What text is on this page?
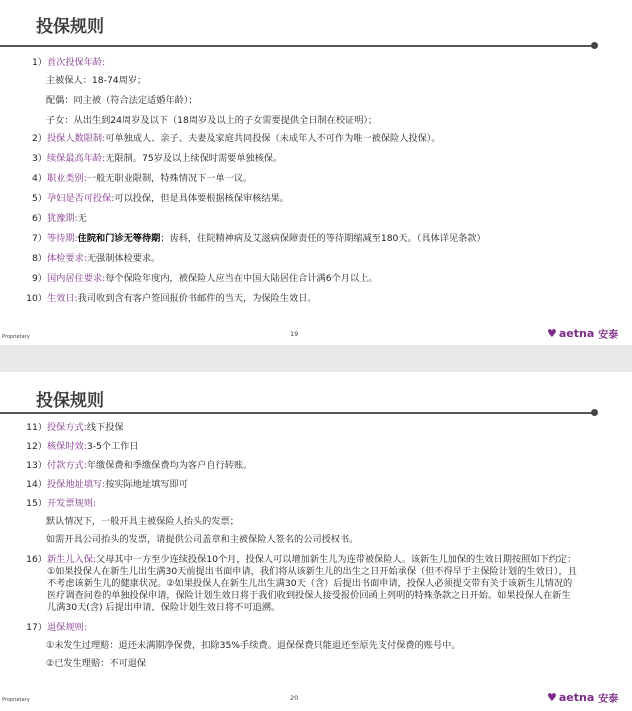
投保规则
1） 首次投保年龄:
主被保人：18-74周岁；
配偶：同主被（符合法定适婚年龄）；
子女：从出生到24周岁及以下（18周岁及以上的子女需要提供全日制在校证明）；
2） 投保人数限制: 可单独成人、亲子、夫妻及家庭共同投保（未成年人不可作为唯一被保险人投保）。
3） 续保最高年龄: 无限制。75岁及以上续保时需要单独核保。
4） 职业类别: 一般无职业限制，特殊情况下一单一议。
5） 孕妇是否可投保: 可以投保，但是具体要根据核保审核结果。
6） 犹豫期: 无
7） 等待期: 住院和门诊无等待期 ；齿科，住院精神病及艾滋病保障责任的等待期缩减至180天。（具体详见条款）
8） 体检要求: 无强制体检要求。
9） 国内居住要求: 每个保险年度内，被保险人应当在中国大陆居住合计满6个月以上。
10） 生效日: 我司收到含有客户签回报价书邮件的当天，为保险生效日。
Proprietary	19	♥ aetna 安泰
投保规则
11） 投保方式: 线下投保
12） 核保时效: 3-5个工作日
13） 付款方式: 年缴保费和季缴保费均为客户自行转账。
14） 投保地址填写: 按实际地址填写即可
15） 开发票规则:
默认情况下，一般开具主被保险人抬头的发票；
如需开具公司抬头的发票，请提供公司盖章和主被保险人签名的公司授权书。
16） 新生儿入保:父母其中一方至少连续投保10个月，投保人可以增加新生儿为连带被保险人。该新生儿加保的生效日期按照如下约定：①如果投保人在新生儿出生满30天前提出书面申请，我们将从该新生儿的出生之日开始承保（但不得早于主保险计划的生效日），且不考虑该新生儿的健康状况。②如果投保人在新生儿出生满30天（含）后提出书面申请，投保人必须提交带有关于该新生儿情况的医疗调查问卷的单独投保申请，保险计划生效日将于我们收到投保人接受报价回函上列明的特殊条款之日开始。如果投保人在新生儿满30天(含) 后提出申请，保险计划生效日将不可追溯。
17） 退保规则:
①未发生过理赔：退还未满期净保费，扣除35%手续费。退保保费只能退还至原先支付保费的账号中。
②已发生理赔：不可退保
Proprietary	20	♥ aetna 安泰
